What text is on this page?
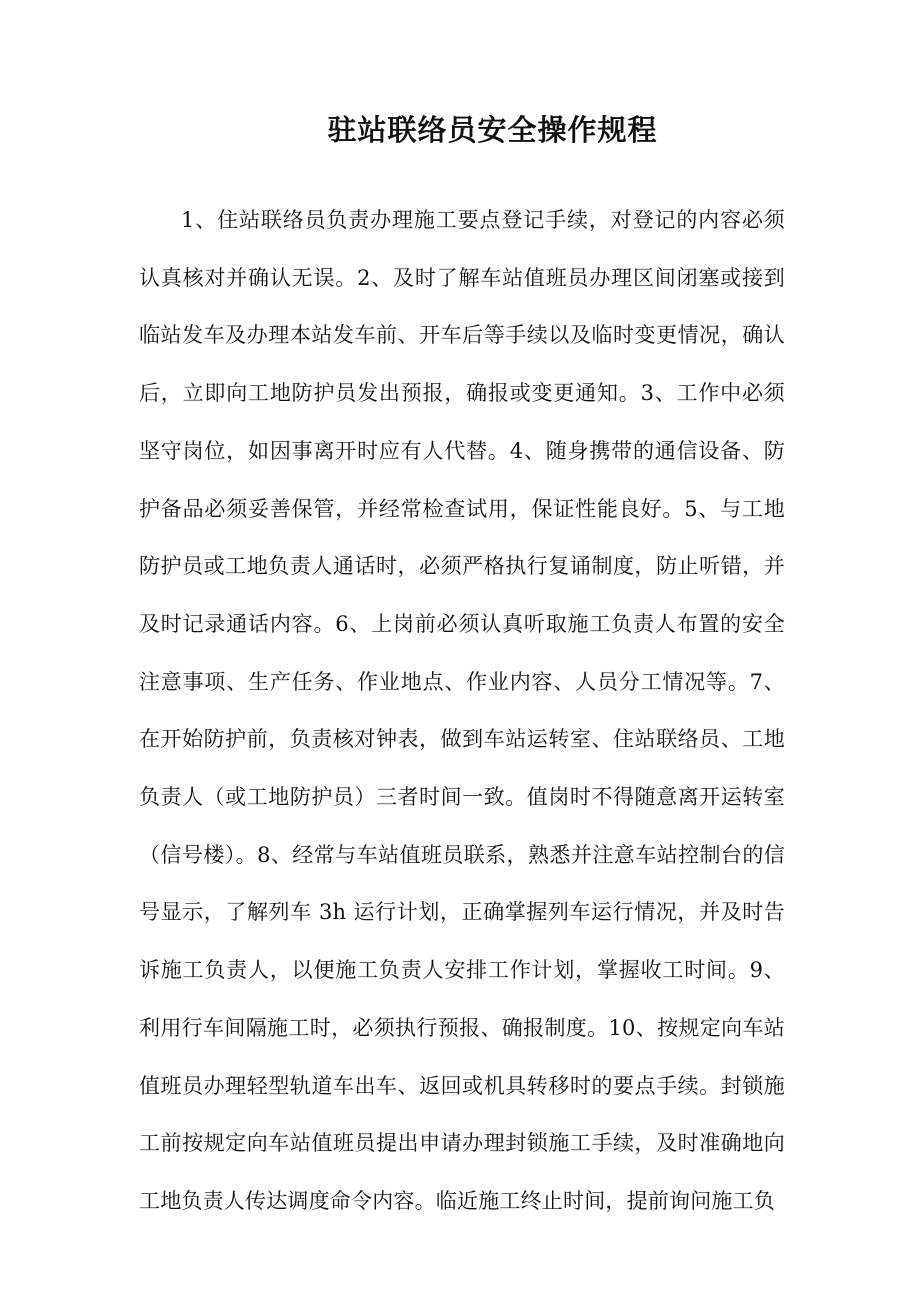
驻站联络员安全操作规程

1、住站联络员负责办理施工要点登记手续，对登记的内容必须认真核对并确认无误。2、及时了解车站值班员办理区间闭塞或接到临站发车及办理本站发车前、开车后等手续以及临时变更情况，确认后，立即向工地防护员发出预报，确报或变更通知。3、工作中必须坚守岗位，如因事离开时应有人代替。4、随身携带的通信设备、防护备品必须妥善保管，并经常检查试用，保证性能良好。5、与工地防护员或工地负责人通话时，必须严格执行复诵制度，防止听错，并及时记录通话内容。6、上岗前必须认真听取施工负责人布置的安全注意事项、生产任务、作业地点、作业内容、人员分工情况等。7、在开始防护前，负责核对钟表，做到车站运转室、住站联络员、工地负责人（或工地防护员）三者时间一致。值岗时不得随意离开运转室（信号楼）。8、经常与车站值班员联系，熟悉并注意车站控制台的信号显示，了解列车 3h 运行计划，正确掌握列车运行情况，并及时告诉施工负责人，以便施工负责人安排工作计划，掌握收工时间。9、利用行车间隔施工时，必须执行预报、确报制度。10、按规定向车站值班员办理轻型轨道车出车、返回或机具转移时的要点手续。封锁施工前按规定向车站值班员提出申请办理封锁施工手续，及时准确地向工地负责人传达调度命令内容。临近施工终止时间，提前询问施工负
